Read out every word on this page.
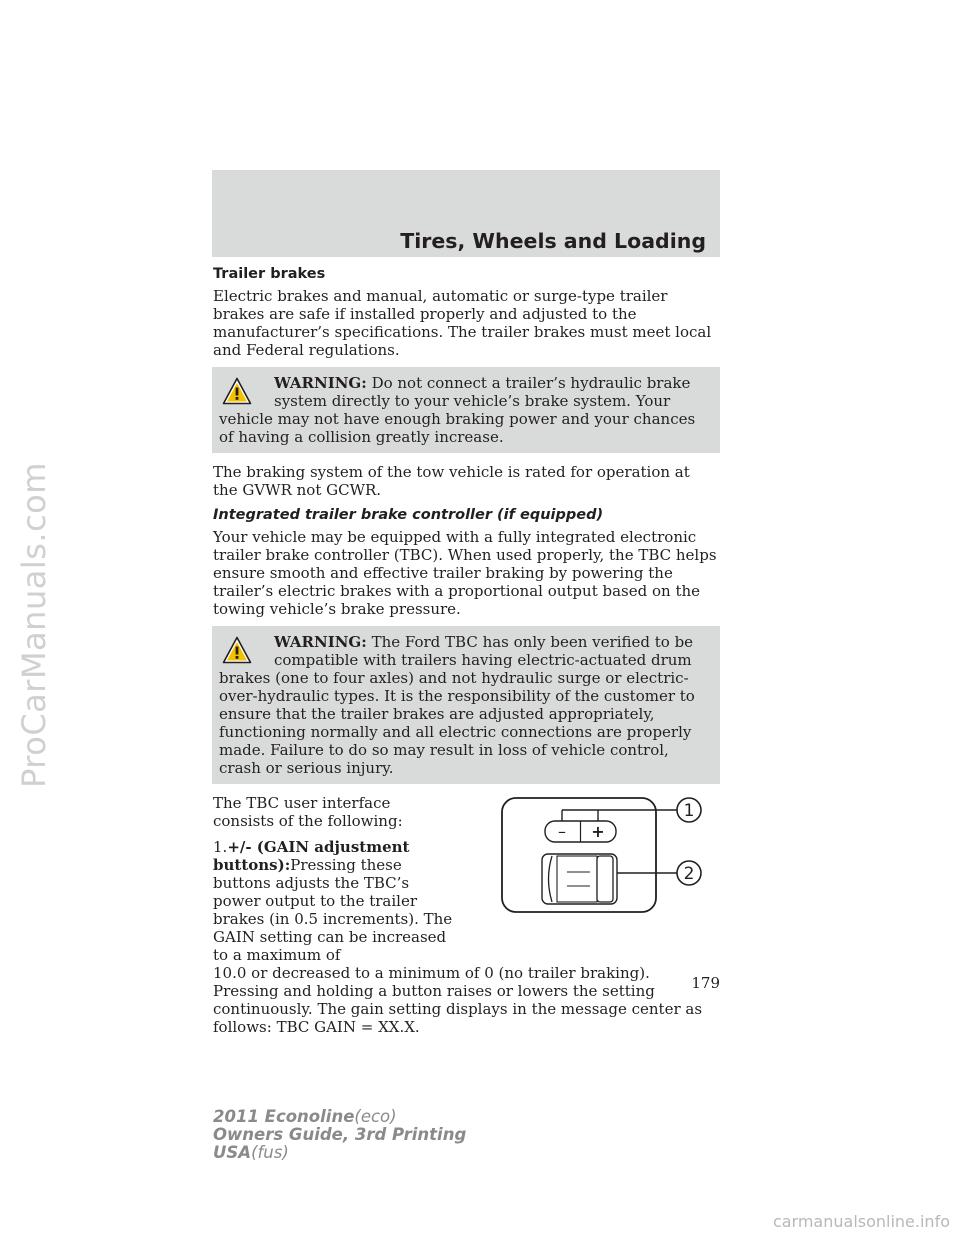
ProCarManuals.com
Tires, Wheels and Loading
Trailer brakes

Electric brakes and manual, automatic or surge-type trailer brakes are safe if installed properly and adjusted to the manufacturer’s specifications. The trailer brakes must meet local and Federal regulations.

WARNING: Do not connect a trailer’s hydraulic brake system directly to your vehicle’s brake system. Your vehicle may not have enough braking power and your chances of having a collision greatly increase.

The braking system of the tow vehicle is rated for operation at the GVWR not GCWR.

Integrated trailer brake controller (if equipped)

Your vehicle may be equipped with a fully integrated electronic trailer brake controller (TBC). When used properly, the TBC helps ensure smooth and effective trailer braking by powering the trailer’s electric brakes with a proportional output based on the towing vehicle’s brake pressure.

WARNING: The Ford TBC has only been verified to be compatible with trailers having electric-actuated drum brakes (one to four axles) and not hydraulic surge or electric-over-hydraulic types. It is the responsibility of the customer to ensure that the trailer brakes are adjusted appropriately, functioning normally and all electric connections are properly made. Failure to do so may result in loss of vehicle control, crash or serious injury.

The TBC user interface consists of the following:

1.+/- (GAIN adjustment buttons):Pressing these buttons adjusts the TBC’s power output to the trailer brakes (in 0.5 increments). The GAIN setting can be increased to a maximum of

– +
1
2

10.0 or decreased to a minimum of 0 (no trailer braking). Pressing and holding a button raises or lowers the setting continuously. The gain setting displays in the message center as follows: TBC GAIN = XX.X.

179
2011 Econoline(eco)
Owners Guide, 3rd Printing
USA(fus)
carmanualsonline.info
